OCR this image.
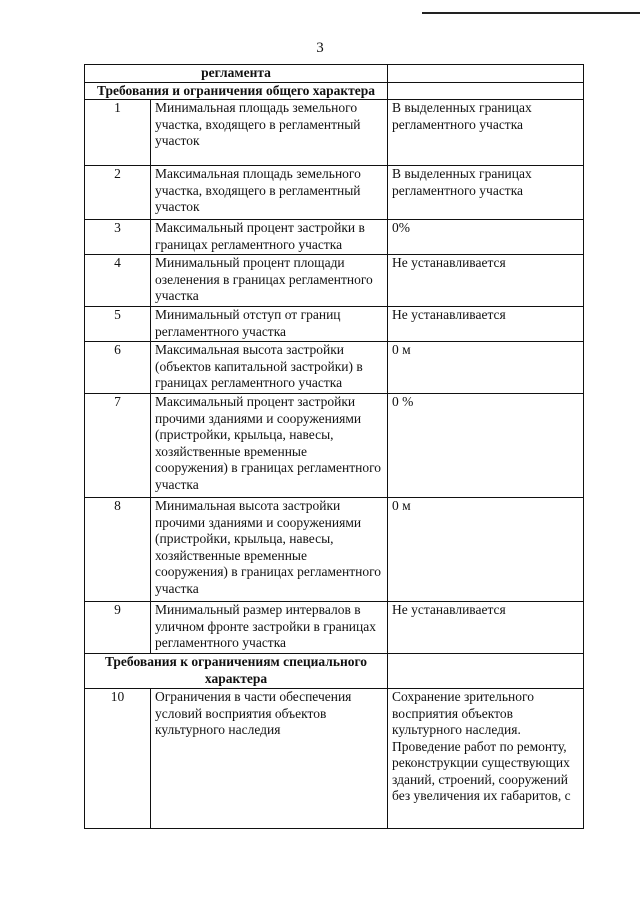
3
регламента		
Требования и ограничения общего характера		
1	Минимальная площадь земельного участка, входящего в регламентный участок	В выделенных границах регламентного участка
2	Максимальная площадь земельного участка, входящего в регламентный участок	В выделенных границах регламентного участка
3	Максимальный процент застройки в границах регламентного участка	0%
4	Минимальный процент площади озеленения в границах регламентного участка	Не устанавливается
5	Минимальный отступ от границ регламентного участка	Не устанавливается
6	Максимальная высота застройки (объектов капитальной застройки) в границах регламентного участка	0 м
7	Максимальный процент застройки прочими зданиями и сооружениями (пристройки, крыльца, навесы, хозяйственные временные сооружения) в границах регламентного участка	0 %
8	Минимальная высота застройки прочими зданиями и сооружениями (пристройки, крыльца, навесы, хозяйственные временные сооружения) в границах регламентного участка	0 м
9	Минимальный размер интервалов в уличном фронте застройки в границах регламентного участка	Не устанавливается
Требования к ограничениям специального характера		
10	Ограничения в части обеспечения условий восприятия объектов культурного наследия	Сохранение зрительного восприятия объектов культурного наследия. Проведение работ по ремонту, реконструкции существующих зданий, строений, сооружений без увеличения их габаритов, с
